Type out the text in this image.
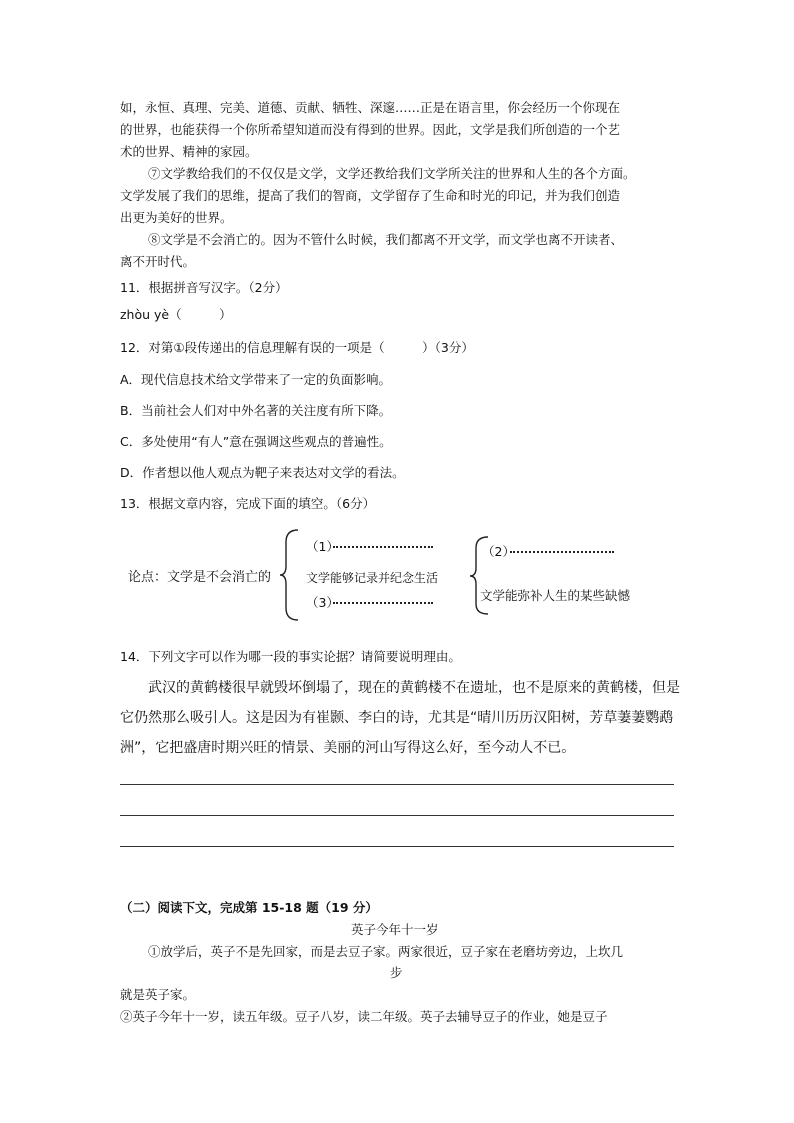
如，永恒、真理、完美、道德、贡献、牺牲、深邃……正是在语言里，你会经历一个你现在
的世界，也能获得一个你所希望知道而没有得到的世界。因此，文学是我们所创造的一个艺
术的世界、精神的家园。
⑦文学教给我们的不仅仅是文学，文学还教给我们文学所关注的世界和人生的各个方面。
文学发展了我们的思维，提高了我们的智商，文学留存了生命和时光的印记，并为我们创造
出更为美好的世界。
⑧文学是不会消亡的。因为不管什么时候，我们都离不开文学，而文学也离不开读者、
离不开时代。
11．根据拼音写汉字。（2分）
zhòu yè（　　　）
12．对第①段传递出的信息理解有误的一项是（　　　）（3分）
A．现代信息技术给文学带来了一定的负面影响。
B．当前社会人们对中外名著的关注度有所下降。
C．多处使用“有人”意在强调这些观点的普遍性。
D．作者想以他人观点为靶子来表达对文学的看法。
13．根据文章内容，完成下面的填空。（6分）
论点：文学是不会消亡的
（1）
文学能够记录并纪念生活
（3）
（2）
文学能弥补人生的某些缺憾
14．下列文字可以作为哪一段的事实论据？请简要说明理由。
武汉的黄鹤楼很早就毁坏倒塌了，现在的黄鹤楼不在遗址，也不是原来的黄鹤楼，但是
它仍然那么吸引人。这是因为有崔颢、李白的诗，尤其是“晴川历历汉阳树，芳草萋萋鹦鹉
洲”，它把盛唐时期兴旺的情景、美丽的河山写得这么好，至今动人不已。
（二）阅读下文，完成第 15-18 题（19 分）
英子今年十一岁
①放学后，英子不是先回家，而是去豆子家。两家很近，豆子家在老磨坊旁边，上坎几
步
就是英子家。
②英子今年十一岁，读五年级。豆子八岁，读二年级。英子去辅导豆子的作业，她是豆子
